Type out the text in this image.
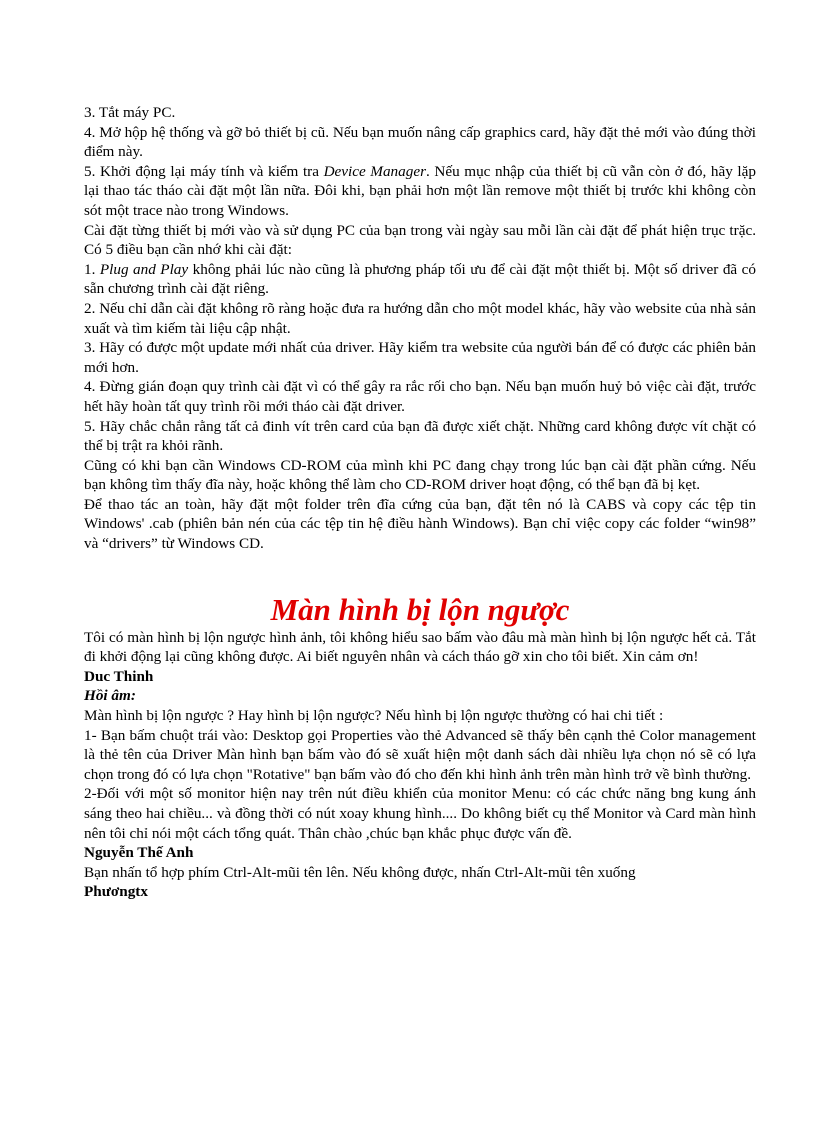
3. Tắt máy PC.

4. Mở hộp hệ thống và gỡ bỏ thiết bị cũ. Nếu bạn muốn nâng cấp graphics card, hãy đặt thẻ mới vào đúng thời điểm này.

5. Khởi động lại máy tính và kiểm tra Device Manager. Nếu mục nhập của thiết bị cũ vẫn còn ở đó, hãy lặp lại thao tác tháo cài đặt một lần nữa. Đôi khi, bạn phải hơn một lần remove một thiết bị trước khi không còn sót một trace nào trong Windows.

Cài đặt từng thiết bị mới vào và sử dụng PC của bạn trong vài ngày sau mỗi lần cài đặt để phát hiện trục trặc. Có 5 điều bạn cần nhớ khi cài đặt:

1. Plug and Play không phải lúc nào cũng là phương pháp tối ưu để cài đặt một thiết bị. Một số driver đã có sẵn chương trình cài đặt riêng.

2. Nếu chỉ dẫn cài đặt không rõ ràng hoặc đưa ra hướng dẫn cho một model khác, hãy vào website của nhà sản xuất và tìm kiếm tài liệu cập nhật.

3. Hãy có được một update mới nhất của driver. Hãy kiểm tra website của người bán để có được các phiên bản mới hơn.

4. Đừng gián đoạn quy trình cài đặt vì có thể gây ra rắc rối cho bạn. Nếu bạn muốn huỷ bỏ việc cài đặt, trước hết hãy hoàn tất quy trình rồi mới tháo cài đặt driver.

5. Hãy chắc chắn rằng tất cả đinh vít trên card của bạn đã được xiết chặt. Những card không được vít chặt có thể bị trật ra khỏi rãnh.

Cũng có khi bạn cần Windows CD-ROM của mình khi PC đang chạy trong lúc bạn cài đặt phần cứng. Nếu bạn không tìm thấy đĩa này, hoặc không thể làm cho CD-ROM driver hoạt động, có thể bạn đã bị kẹt.

Để thao tác an toàn, hãy đặt một folder trên đĩa cứng của bạn, đặt tên nó là CABS và copy các tệp tin Windows' .cab (phiên bản nén của các tệp tin hệ điều hành Windows). Bạn chỉ việc copy các folder “win98” và “drivers” từ Windows CD.

Màn hình bị lộn ngược

Tôi có màn hình bị lộn ngược hình ảnh, tôi không hiểu sao bấm vào đâu mà màn hình bị lộn ngược hết cả. Tắt đi khởi động lại cũng không được. Ai biết nguyên nhân và cách tháo gỡ xin cho tôi biết. Xin cảm ơn!

Duc Thinh

Hồi âm:

Màn hình bị lộn ngược ? Hay hình bị lộn ngược? Nếu hình bị lộn ngược thường có hai chi tiết :

1- Bạn bấm chuột trái vào: Desktop gọi Properties vào thẻ Advanced sẽ thấy bên cạnh thẻ Color management là thẻ tên của Driver Màn hình bạn bấm vào đó sẽ xuất hiện một danh sách dài nhiều lựa chọn nó sẽ có lựa chọn trong đó có lựa chọn "Rotative" bạn bấm vào đó cho đến khi hình ảnh trên màn hình trở về bình thường.

2-Đối với một số monitor hiện nay trên nút điều khiển của monitor Menu: có các chức năng bng kung ánh sáng theo hai chiều... và đồng thời có nút xoay khung hình.... Do không biết cụ thể Monitor và Card màn hình nên tôi chỉ nói một cách tổng quát. Thân chào ,chúc bạn khắc phục được vấn đề.

Nguyễn Thế Anh

Bạn nhấn tổ hợp phím Ctrl-Alt-mũi tên lên. Nếu không được, nhấn Ctrl-Alt-mũi tên xuống

Phươngtx
